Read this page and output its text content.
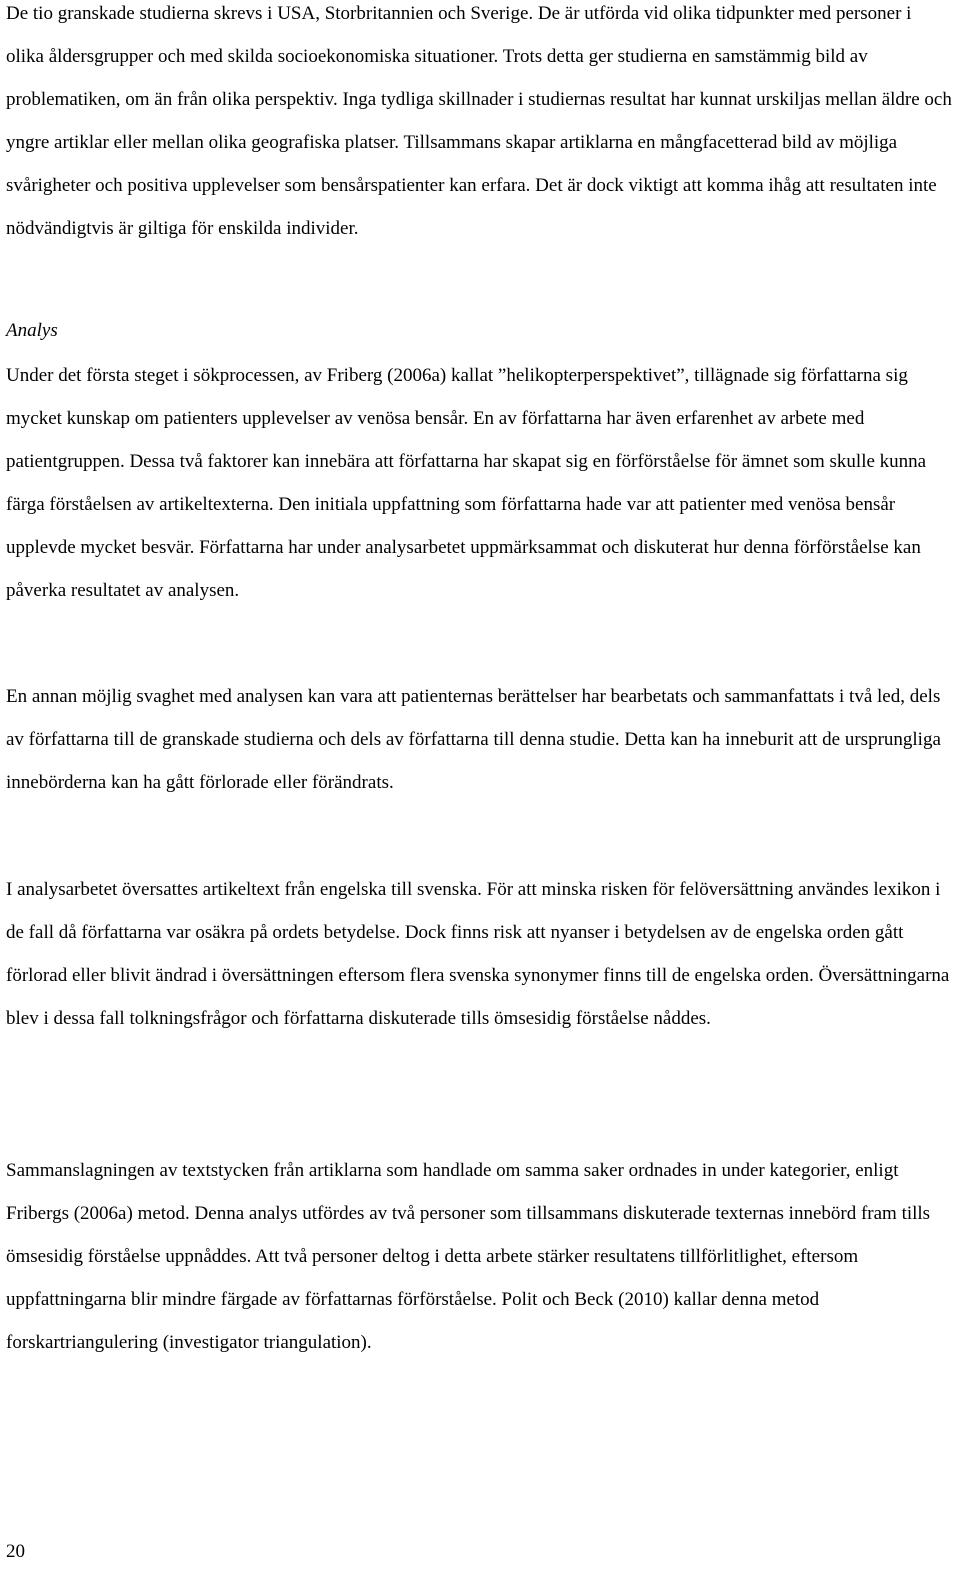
De tio granskade studierna skrevs i USA, Storbritannien och Sverige. De är utförda vid olika tidpunkter med personer i olika åldersgrupper och med skilda socioekonomiska situationer. Trots detta ger studierna en samstämmig bild av problematiken, om än från olika perspektiv. Inga tydliga skillnader i studiernas resultat har kunnat urskiljas mellan äldre och yngre artiklar eller mellan olika geografiska platser. Tillsammans skapar artiklarna en mångfacetterad bild av möjliga svårigheter och positiva upplevelser som bensårspatienter kan erfara. Det är dock viktigt att komma ihåg att resultaten inte nödvändigtvis är giltiga för enskilda individer.

Analys

Under det första steget i sökprocessen, av Friberg (2006a) kallat ”helikopterperspektivet”, tillägnade sig författarna sig mycket kunskap om patienters upplevelser av venösa bensår. En av författarna har även erfarenhet av arbete med patientgruppen. Dessa två faktorer kan innebära att författarna har skapat sig en förförståelse för ämnet som skulle kunna färga förståelsen av artikeltexterna. Den initiala uppfattning som författarna hade var att patienter med venösa bensår upplevde mycket besvär. Författarna har under analysarbetet uppmärksammat och diskuterat hur denna förförståelse kan påverka resultatet av analysen.

En annan möjlig svaghet med analysen kan vara att patienternas berättelser har bearbetats och sammanfattats i två led, dels av författarna till de granskade studierna och dels av författarna till denna studie. Detta kan ha inneburit att de ursprungliga innebörderna kan ha gått förlorade eller förändrats.

I analysarbetet översattes artikeltext från engelska till svenska. För att minska risken för felöversättning användes lexikon i de fall då författarna var osäkra på ordets betydelse. Dock finns risk att nyanser i betydelsen av de engelska orden gått förlorad eller blivit ändrad i översättningen eftersom flera svenska synonymer finns till de engelska orden. Översättningarna blev i dessa fall tolkningsfrågor och författarna diskuterade tills ömsesidig förståelse nåddes.

Sammanslagningen av textstycken från artiklarna som handlade om samma saker ordnades in under kategorier, enligt Fribergs (2006a) metod. Denna analys utfördes av två personer som tillsammans diskuterade texternas innebörd fram tills ömsesidig förståelse uppnåddes. Att två personer deltog i detta arbete stärker resultatens tillförlitlighet, eftersom uppfattningarna blir mindre färgade av författarnas förförståelse. Polit och Beck (2010) kallar denna metod forskartriangulering (investigator triangulation).

20
